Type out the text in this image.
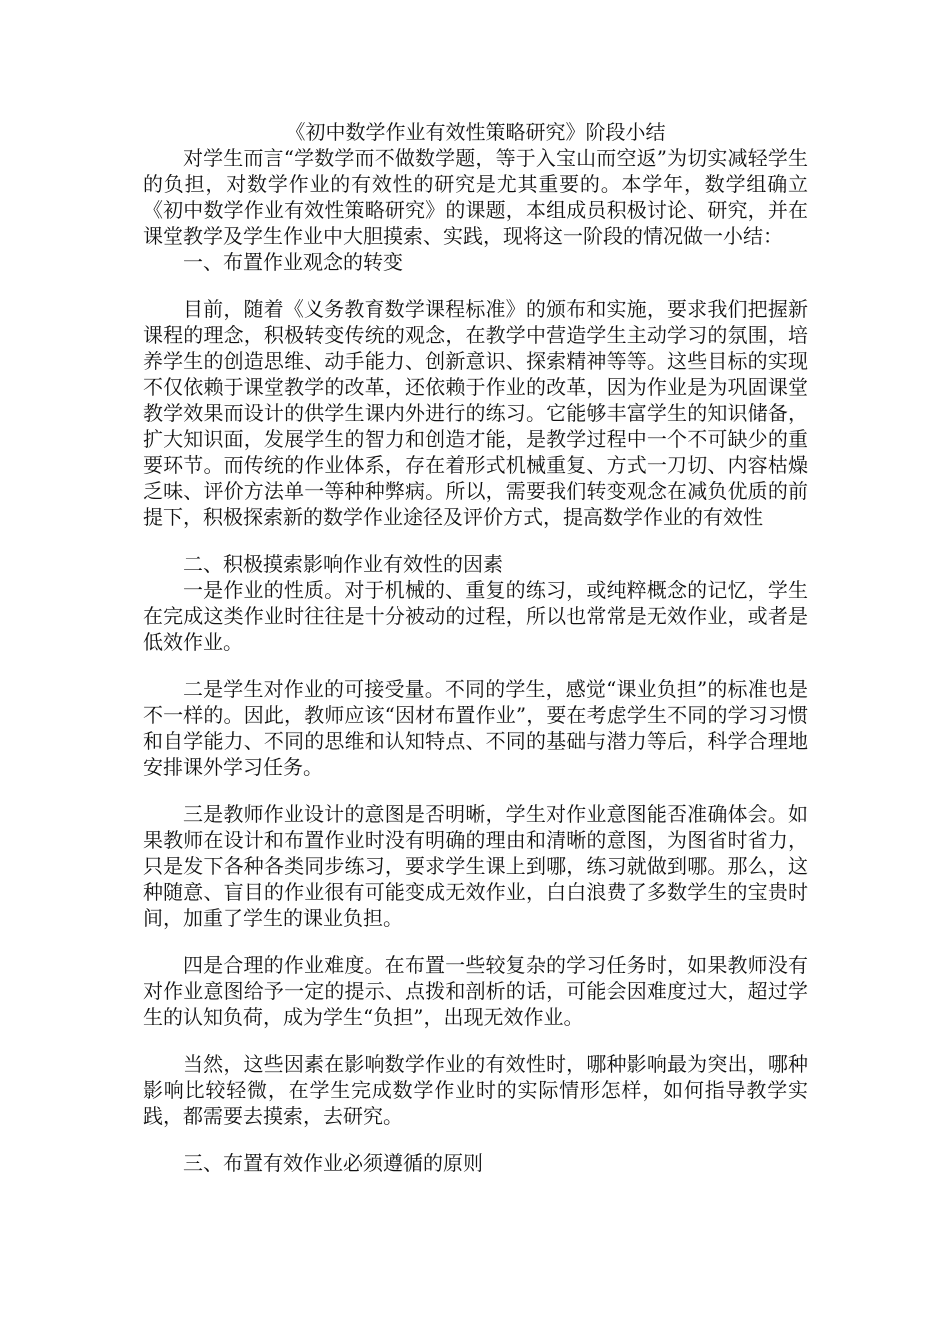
《初中数学作业有效性策略研究》阶段小结

对学生而言“学数学而不做数学题，等于入宝山而空返”为切实减轻学生的负担，对数学作业的有效性的研究是尤其重要的。本学年，数学组确立《初中数学作业有效性策略研究》的课题，本组成员积极讨论、研究，并在课堂教学及学生作业中大胆摸索、实践，现将这一阶段的情况做一小结：

一、布置作业观念的转变

目前，随着《义务教育数学课程标准》的颁布和实施，要求我们把握新课程的理念，积极转变传统的观念，在教学中营造学生主动学习的氛围，培养学生的创造思维、动手能力、创新意识、探索精神等等。这些目标的实现不仅依赖于课堂教学的改革，还依赖于作业的改革，因为作业是为巩固课堂教学效果而设计的供学生课内外进行的练习。它能够丰富学生的知识储备，扩大知识面，发展学生的智力和创造才能，是教学过程中一个不可缺少的重要环节。而传统的作业体系，存在着形式机械重复、方式一刀切、内容枯燥乏味、评价方法单一等种种弊病。所以，需要我们转变观念在减负优质的前提下，积极探索新的数学作业途径及评价方式，提高数学作业的有效性

二、积极摸索影响作业有效性的因素

一是作业的性质。对于机械的、重复的练习，或纯粹概念的记忆，学生在完成这类作业时往往是十分被动的过程，所以也常常是无效作业，或者是低效作业。

二是学生对作业的可接受量。不同的学生，感觉“课业负担”的标准也是不一样的。因此，教师应该“因材布置作业”，要在考虑学生不同的学习习惯和自学能力、不同的思维和认知特点、不同的基础与潜力等后，科学合理地安排课外学习任务。

三是教师作业设计的意图是否明晰，学生对作业意图能否准确体会。如果教师在设计和布置作业时没有明确的理由和清晰的意图，为图省时省力，只是发下各种各类同步练习，要求学生课上到哪，练习就做到哪。那么，这种随意、盲目的作业很有可能变成无效作业，白白浪费了多数学生的宝贵时间，加重了学生的课业负担。

四是合理的作业难度。在布置一些较复杂的学习任务时，如果教师没有对作业意图给予一定的提示、点拨和剖析的话，可能会因难度过大，超过学生的认知负荷，成为学生“负担”，出现无效作业。

当然，这些因素在影响数学作业的有效性时，哪种影响最为突出，哪种影响比较轻微，在学生完成数学作业时的实际情形怎样，如何指导教学实践，都需要去摸索，去研究。

三、布置有效作业必须遵循的原则
